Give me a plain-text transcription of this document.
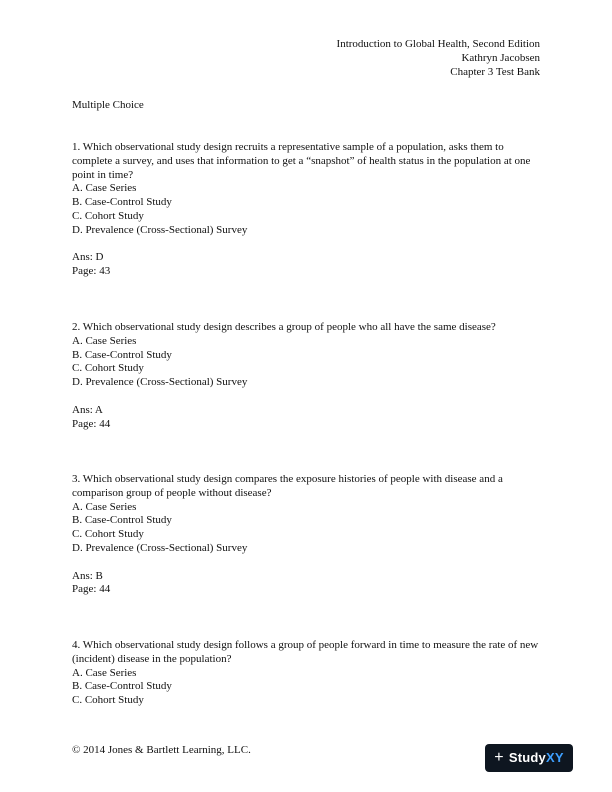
Introduction to Global Health, Second Edition
Kathryn Jacobsen
Chapter 3 Test Bank
Multiple Choice

1. Which observational study design recruits a representative sample of a population, asks them to complete a survey, and uses that information to get a “snapshot” of health status in the population at one point in time?

A. Case Series

B. Case-Control Study

C. Cohort Study

D. Prevalence (Cross-Sectional) Survey

Ans: D
Page: 43

2. Which observational study design describes a group of people who all have the same disease?

A. Case Series

B. Case-Control Study

C. Cohort Study

D. Prevalence (Cross-Sectional) Survey

Ans: A
Page: 44

3. Which observational study design compares the exposure histories of people with disease and a comparison group of people without disease?

A. Case Series

B. Case-Control Study

C. Cohort Study

D. Prevalence (Cross-Sectional) Survey

Ans: B
Page: 44

4. Which observational study design follows a group of people forward in time to measure the rate of new (incident) disease in the population?

A. Case Series

B. Case-Control Study

C. Cohort Study

© 2014 Jones & Bartlett Learning, LLC.	+ Study XY
